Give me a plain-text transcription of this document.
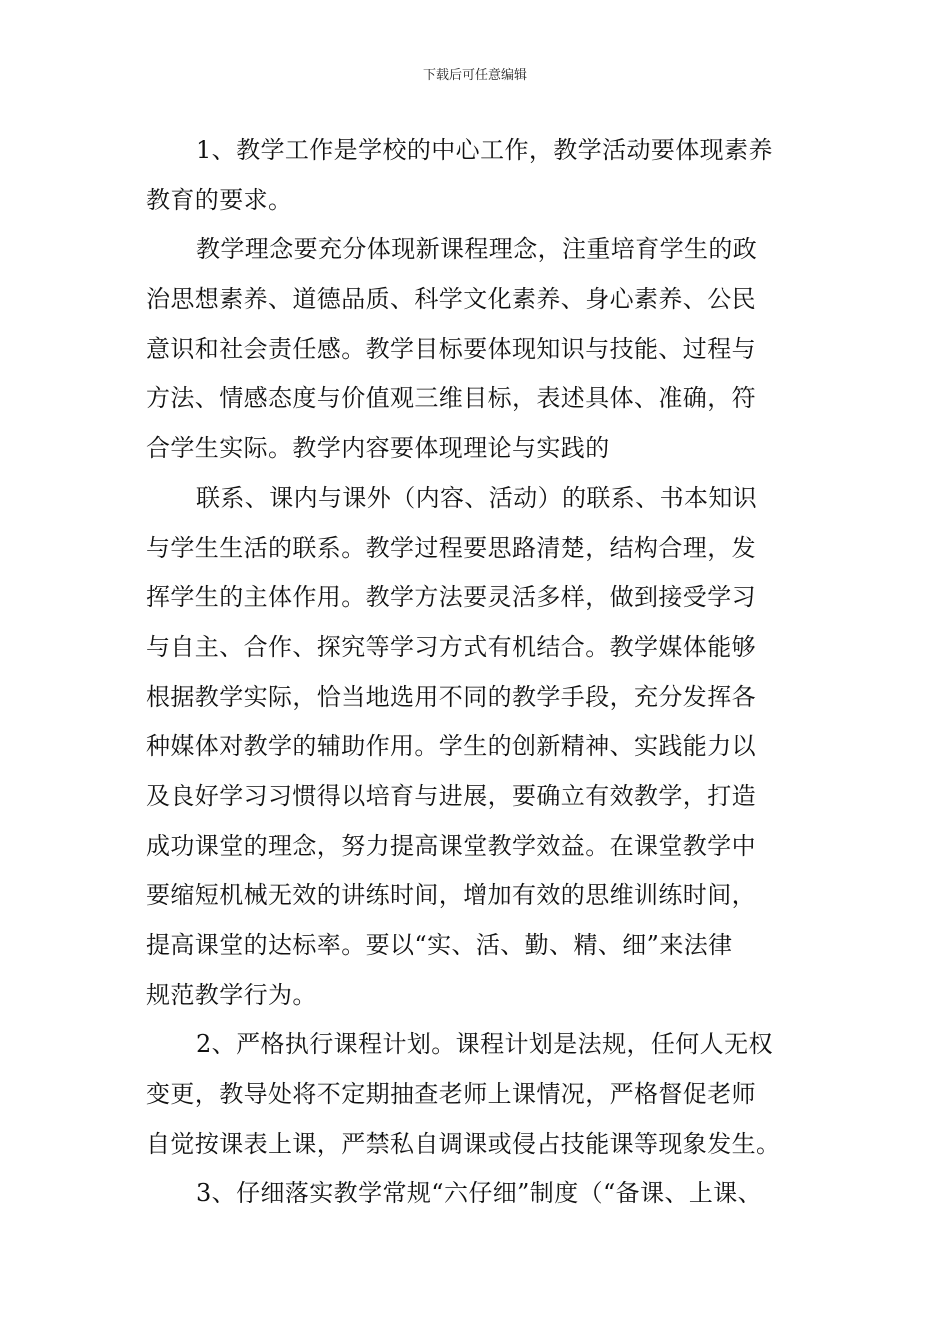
下载后可任意编辑
1、教学工作是学校的中心工作，教学活动要体现素养
教育的要求。
教学理念要充分体现新课程理念，注重培育学生的政
治思想素养、道德品质、科学文化素养、身心素养、公民
意识和社会责任感。教学目标要体现知识与技能、过程与
方法、情感态度与价值观三维目标，表述具体、准确，符
合学生实际。教学内容要体现理论与实践的
联系、课内与课外（内容、活动）的联系、书本知识
与学生生活的联系。教学过程要思路清楚，结构合理，发
挥学生的主体作用。教学方法要灵活多样，做到接受学习
与自主、合作、探究等学习方式有机结合。教学媒体能够
根据教学实际，恰当地选用不同的教学手段，充分发挥各
种媒体对教学的辅助作用。学生的创新精神、实践能力以
及良好学习习惯得以培育与进展，要确立有效教学，打造
成功课堂的理念，努力提高课堂教学效益。在课堂教学中
要缩短机械无效的讲练时间，增加有效的思维训练时间，
提高课堂的达标率。要以“实、活、勤、精、细”来法律
规范教学行为。
2、严格执行课程计划。课程计划是法规，任何人无权
变更，教导处将不定期抽查老师上课情况，严格督促老师
自觉按课表上课，严禁私自调课或侵占技能课等现象发生。
3、仔细落实教学常规“六仔细”制度（“备课、上课、
